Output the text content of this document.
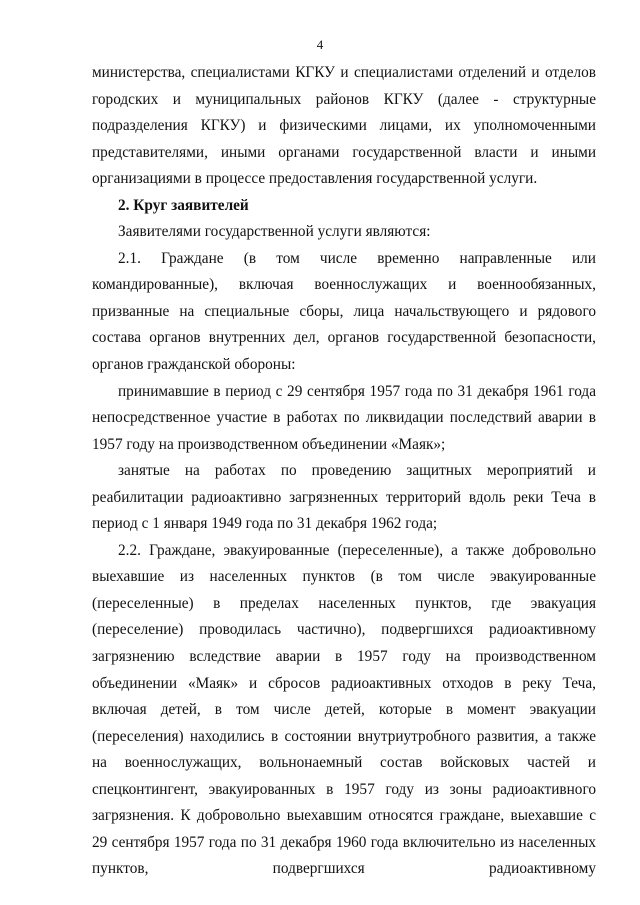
4

министерства, специалистами КГКУ и специалистами отделений и отделов городских и муниципальных районов КГКУ (далее - структурные подразделения КГКУ) и физическими лицами, их уполномоченными представителями, иными органами государственной власти и иными организациями в процессе предоставления государственной услуги.

2. Круг заявителей

Заявителями государственной услуги являются:

2.1. Граждане (в том числе временно направленные или командированные), включая военнослужащих и военнообязанных, призванные на специальные сборы, лица начальствующего и рядового состава органов внутренних дел, органов государственной безопасности, органов гражданской обороны:

принимавшие в период с 29 сентября 1957 года по 31 декабря 1961 года непосредственное участие в работах по ликвидации последствий аварии в 1957 году на производственном объединении «Маяк»;

занятые на работах по проведению защитных мероприятий и реабилитации радиоактивно загрязненных территорий вдоль реки Теча в период с 1 января 1949 года по 31 декабря 1962 года;

2.2. Граждане, эвакуированные (переселенные), а также добровольно выехавшие из населенных пунктов (в том числе эвакуированные (переселенные) в пределах населенных пунктов, где эвакуация (переселение) проводилась частично), подвергшихся радиоактивному загрязнению вследствие аварии в 1957 году на производственном объединении «Маяк» и сбросов радиоактивных отходов в реку Теча, включая детей, в том числе детей, которые в момент эвакуации (переселения) находились в состоянии внутриутробного развития, а также на военнослужащих, вольнонаемный состав войсковых частей и спецконтингент, эвакуированных в 1957 году из зоны радиоактивного загрязнения. К добровольно выехавшим относятся граждане, выехавшие с 29 сентября 1957 года по 31 декабря 1960 года включительно из населенных пунктов, подвергшихся радиоактивному
